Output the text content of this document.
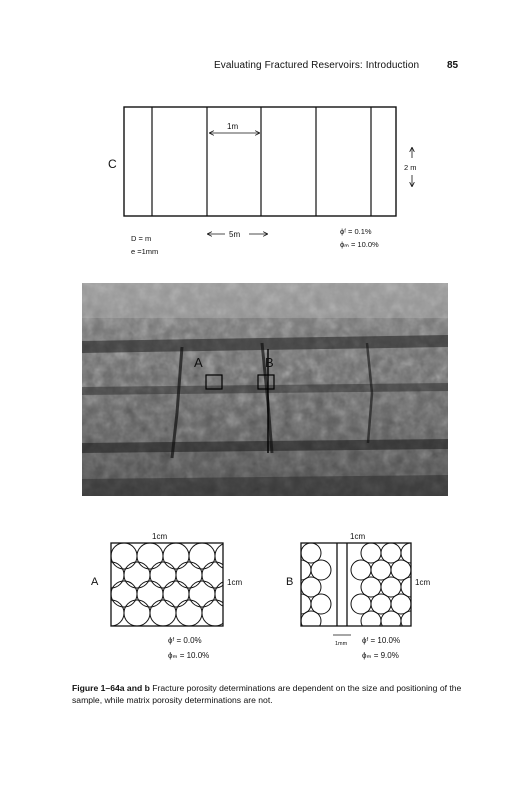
Evaluating Fractured Reservoirs: Introduction	85
C
1m
2 m
5m
D = m
e =1mm
ϕᶠ = 0.1%
ϕₘ = 10.0%
A	B
A
1cm
1cm
ϕᶠ = 0.0%
ϕₘ = 10.0%
B
1cm
1cm
1mm ϕᶠ = 10.0%
ϕₘ = 9.0%
Figure 1–64a and b Fracture porosity determinations are dependent on the size and positioning of the sample, while matrix porosity determinations are not.
